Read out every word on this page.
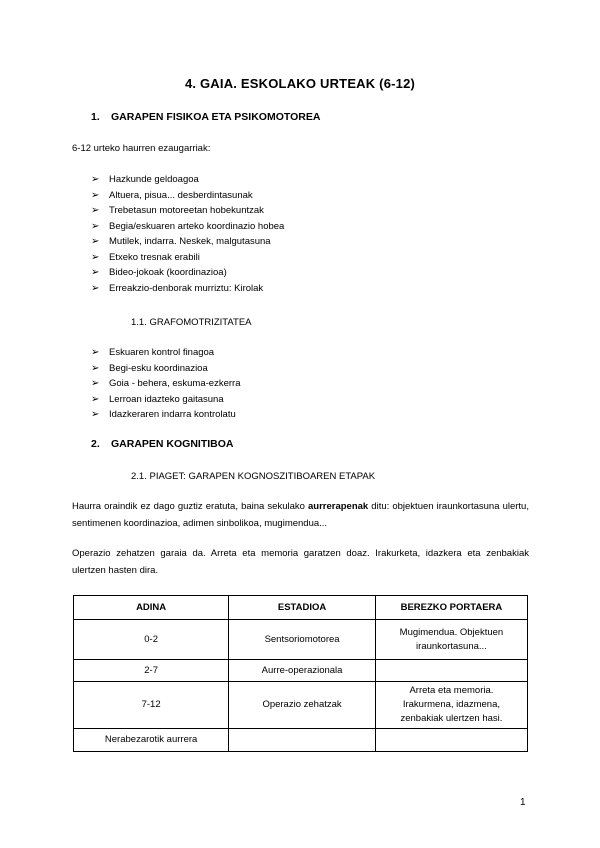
4. GAIA. ESKOLAKO URTEAK (6-12)
1. GARAPEN FISIKOA ETA PSIKOMOTOREA
6-12 urteko haurren ezaugarriak:
➢ Hazkunde geldoagoa
➢ Altuera, pisua... desberdintasunak
➢ Trebetasun motoreetan hobekuntzak
➢ Begia/eskuaren arteko koordinazio hobea
➢ Mutilek, indarra. Neskek, malgutasuna
➢ Etxeko tresnak erabili
➢ Bideo-jokoak (koordinazioa)
➢ Erreakzio-denborak murriztu: Kirolak
1.1. GRAFOMOTRIZITATEA
➢ Eskuaren kontrol finagoa
➢ Begi-esku koordinazioa
➢ Goia - behera, eskuma-ezkerra
➢ Lerroan idazteko gaitasuna
➢ Idazkeraren indarra kontrolatu
2. GARAPEN KOGNITIBOA
2.1. PIAGET: GARAPEN KOGNOSZITIBOAREN ETAPAK
Haurra oraindik ez dago guztiz eratuta, baina sekulako aurrerapenak ditu: objektuen iraunkortasuna ulertu, sentimenen koordinazioa, adimen sinbolikoa, mugimendua...
Operazio zehatzen garaia da. Arreta eta memoria garatzen doaz. Irakurketa, idazkera eta zenbakiak ulertzen hasten dira.
ADINA	ESTADIOA	BEREZKO PORTAERA
0-2	Sentsoriomotorea	Mugimendua. Objektuen iraunkortasuna...
2-7	Aurre-operazionala	
7-12	Operazio zehatzak	Arreta eta memoria. Irakurmena, idazmena, zenbakiak ulertzen hasi.
Nerabezarotik aurrera		
1
